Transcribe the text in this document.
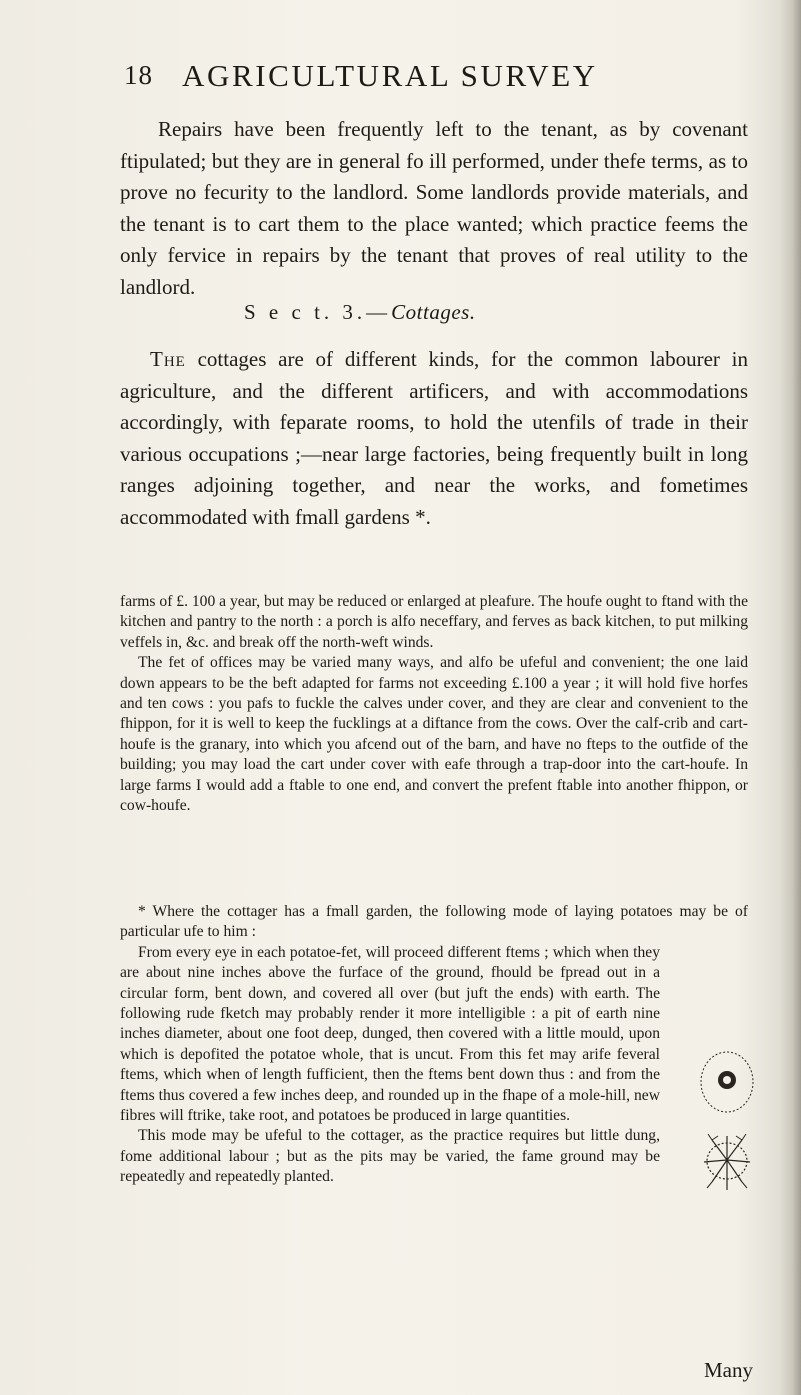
18 AGRICULTURAL SURVEY
Repairs have been frequently left to the tenant, as by covenant ftipulated; but they are in general fo ill performed, under thefe terms, as to prove no fecurity to the landlord. Some landlords provide materials, and the tenant is to cart them to the place wanted; which practice feems the only fervice in repairs by the tenant that proves of real utility to the landlord.
S e c t. 3.—Cottages.
The cottages are of different kinds, for the common labourer in agriculture, and the different artificers, and with accommodations accordingly, with feparate rooms, to hold the utenfils of trade in their various occupations ;—near large factories, being frequently built in long ranges adjoining together, and near the works, and fometimes accommodated with fmall gardens *.
farms of £. 100 a year, but may be reduced or enlarged at pleafure. The houfe ought to ftand with the kitchen and pantry to the north : a porch is alfo neceffary, and ferves as back kitchen, to put milking veffels in, &c. and break off the north-weft winds.
The fet of offices may be varied many ways, and alfo be ufeful and convenient; the one laid down appears to be the beft adapted for farms not exceeding £.100 a year ; it will hold five horfes and ten cows : you pafs to fuckle the calves under cover, and they are clear and convenient to the fhippon, for it is well to keep the fucklings at a diftance from the cows. Over the calf-crib and cart-houfe is the granary, into which you afcend out of the barn, and have no fteps to the outfide of the building; you may load the cart under cover with eafe through a trap-door into the cart-houfe. In large farms I would add a ftable to one end, and convert the prefent ftable into another fhippon, or cow-houfe.
* Where the cottager has a fmall garden, the following mode of laying potatoes may be of particular ufe to him :
From every eye in each potatoe-fet, will proceed different ftems ; which when they are about nine inches above the furface of the ground, fhould be fpread out in a circular form, bent down, and covered all over (but juft the ends) with earth. The following rude fketch may probably render it more intelligible : a pit of earth nine inches diameter, about one foot deep, dunged, then covered with a little mould, upon which is depofited the potatoe whole, that is uncut. From this fet may arife feveral ftems, which when of length fufficient, then the ftems bent down thus : and from the ftems thus covered a few inches deep, and rounded up in the fhape of a mole-hill, new fibres will ftrike, take root, and potatoes be produced in large quantities.
This mode may be ufeful to the cottager, as the practice requires but little dung, fome additional labour ; but as the pits may be varied, the fame ground may be repeatedly and repeatedly planted.
Many
